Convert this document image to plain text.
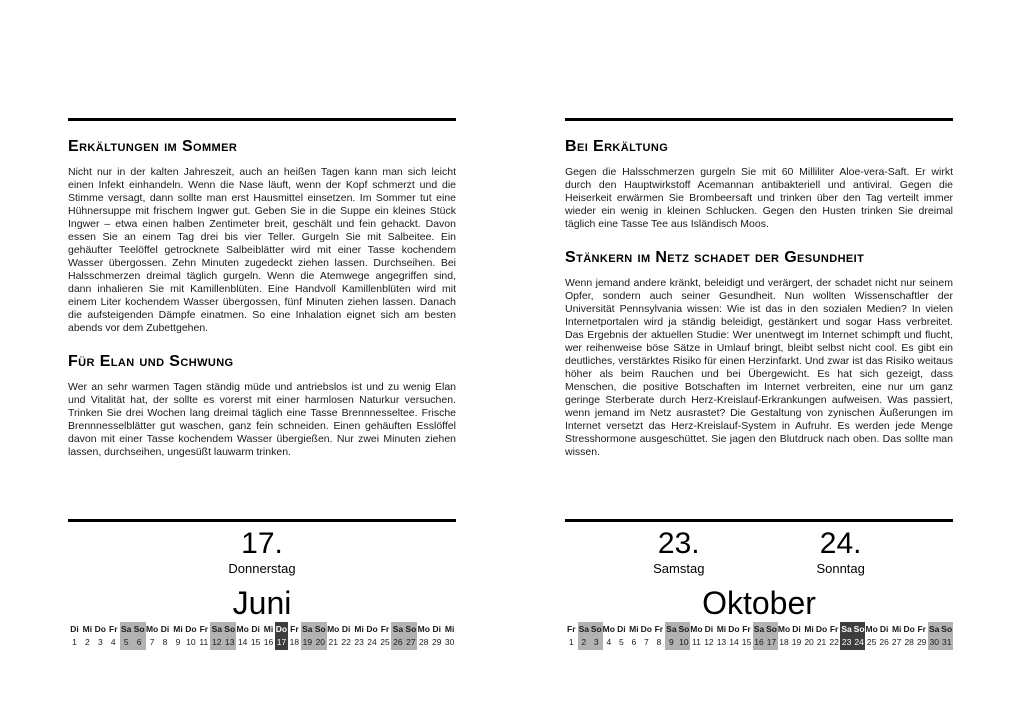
Erkältungen im Sommer

Nicht nur in der kalten Jahreszeit, auch an heißen Tagen kann man sich leicht einen Infekt einhandeln. Wenn die Nase läuft, wenn der Kopf schmerzt und die Stimme versagt, dann sollte man erst Hausmittel einsetzen. Im Sommer tut eine Hühnersuppe mit frischem Ingwer gut. Geben Sie in die Suppe ein kleines Stück Ingwer – etwa einen halben Zentimeter breit, geschält und fein gehackt. Davon essen Sie an einem Tag drei bis vier Teller. Gurgeln Sie mit Salbeitee. Ein gehäufter Teelöffel getrocknete Salbeiblätter wird mit einer Tasse kochendem Wasser übergossen. Zehn Minuten zugedeckt ziehen lassen. Durchseihen. Bei Halsschmerzen dreimal täglich gurgeln. Wenn die Atemwege angegriffen sind, dann inhalieren Sie mit Kamillenblüten. Eine Handvoll Kamillenblüten wird mit einem Liter kochendem Wasser übergossen, fünf Minuten ziehen lassen. Danach die aufsteigenden Dämpfe einatmen. So eine Inhalation eignet sich am besten abends vor dem Zubettgehen.

Für Elan und Schwung

Wer an sehr warmen Tagen ständig müde und antriebslos ist und zu wenig Elan und Vitalität hat, der sollte es vorerst mit einer harmlosen Naturkur versuchen. Trinken Sie drei Wochen lang dreimal täglich eine Tasse Brennnesseltee. Frische Brennnesselblätter gut waschen, ganz fein schneiden. Einen gehäuften Esslöffel davon mit einer Tasse kochendem Wasser übergießen. Nur zwei Minuten ziehen lassen, durchseihen, ungesüßt lauwarm trinken.

17.
Donnerstag
Juni
Di
1
Mi
2
Do
3
Fr
4
Sa
5
So
6
Mo
7
Di
8
Mi
9
Do
10
Fr
11
Sa
12
So
13
Mo
14
Di
15
Mi
16
Do
17
Fr
18
Sa
19
So
20
Mo
21
Di
22
Mi
23
Do
24
Fr
25
Sa
26
So
27
Mo
28
Di
29
Mi
30
Bei Erkältung

Gegen die Halsschmerzen gurgeln Sie mit 60 Milliliter Aloe-vera-Saft. Er wirkt durch den Hauptwirkstoff Acemannan antibakteriell und antiviral. Gegen die Heiserkeit erwärmen Sie Brombeersaft und trinken über den Tag verteilt immer wieder ein wenig in kleinen Schlucken. Gegen den Husten trinken Sie dreimal täglich eine Tasse Tee aus Isländisch Moos.

Stänkern im Netz schadet der Gesundheit

Wenn jemand andere kränkt, beleidigt und verärgert, der schadet nicht nur seinem Opfer, sondern auch seiner Gesundheit. Nun wollten Wissenschaftler der Universität Pennsylvania wissen: Wie ist das in den sozialen Medien? In vielen Internetportalen wird ja ständig beleidigt, gestänkert und sogar Hass verbreitet. Das Ergebnis der aktuellen Studie: Wer unentwegt im Internet schimpft und flucht, wer reihenweise böse Sätze in Umlauf bringt, bleibt selbst nicht cool. Es gibt ein deutliches, verstärktes Risiko für einen Herzinfarkt. Und zwar ist das Risiko weitaus höher als beim Rauchen und bei Übergewicht. Es hat sich gezeigt, dass Menschen, die positive Botschaften im Internet verbreiten, eine nur um ganz geringe Sterberate durch Herz-Kreislauf-Erkrankungen aufweisen. Was passiert, wenn jemand im Netz ausrastet? Die Gestaltung von zynischen Äußerungen im Internet versetzt das Herz-Kreislauf-System in Aufruhr. Es werden jede Menge Stresshormone ausgeschüttet. Sie jagen den Blutdruck nach oben. Das sollte man wissen.

23.
Samstag
24.
Sonntag
Oktober
Fr
1
Sa
2
So
3
Mo
4
Di
5
Mi
6
Do
7
Fr
8
Sa
9
So
10
Mo
11
Di
12
Mi
13
Do
14
Fr
15
Sa
16
So
17
Mo
18
Di
19
Mi
20
Do
21
Fr
22
Sa
23
So
24
Mo
25
Di
26
Mi
27
Do
28
Fr
29
Sa
30
So
31
